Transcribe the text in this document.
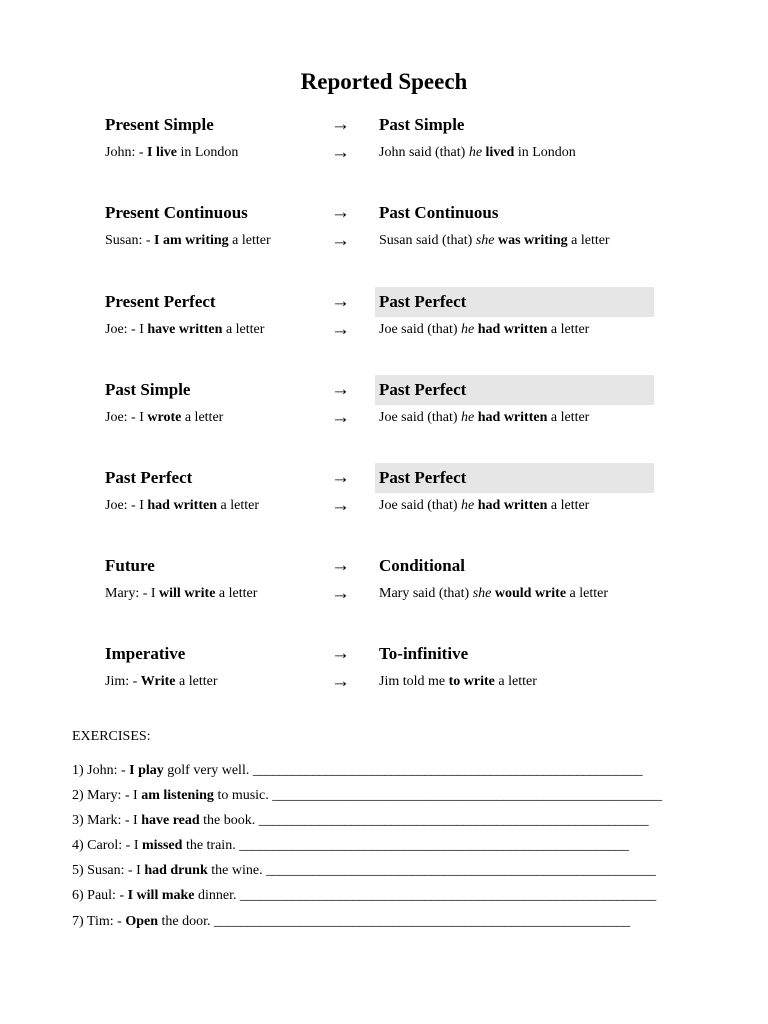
Reported Speech
Present Simple	→ Past Simple
John: - I live in London	→ John said (that) he lived in London
Present Continuous	→ Past Continuous
Susan: - I am writing a letter	→ Susan said (that) she was writing a letter
Present Perfect	→ Past Perfect
Joe: - I have written a letter	→ Joe said (that) he had written a letter
Past Simple	→ Past Perfect
Joe: - I wrote a letter	→ Joe said (that) he had written a letter
Past Perfect	→ Past Perfect
Joe: - I had written a letter	→ Joe said (that) he had written a letter
Future	→ Conditional
Mary: - I will write a letter	→ Mary said (that) she would write a letter
Imperative	→ To-infinitive
Jim: - Write a letter	→ Jim told me to write a letter
EXERCISES:
1) John: - I play golf very well. ___________________________________________________________
2) Mary: - I am listening to music. ___________________________________________________________
3) Mark: - I have read the book. ___________________________________________________________
4) Carol: - I missed the train. ___________________________________________________________
5) Susan: - I had drunk the wine. ___________________________________________________________
6) Paul: - I will make dinner. _______________________________________________________________
7) Tim: - Open the door. _______________________________________________________________
